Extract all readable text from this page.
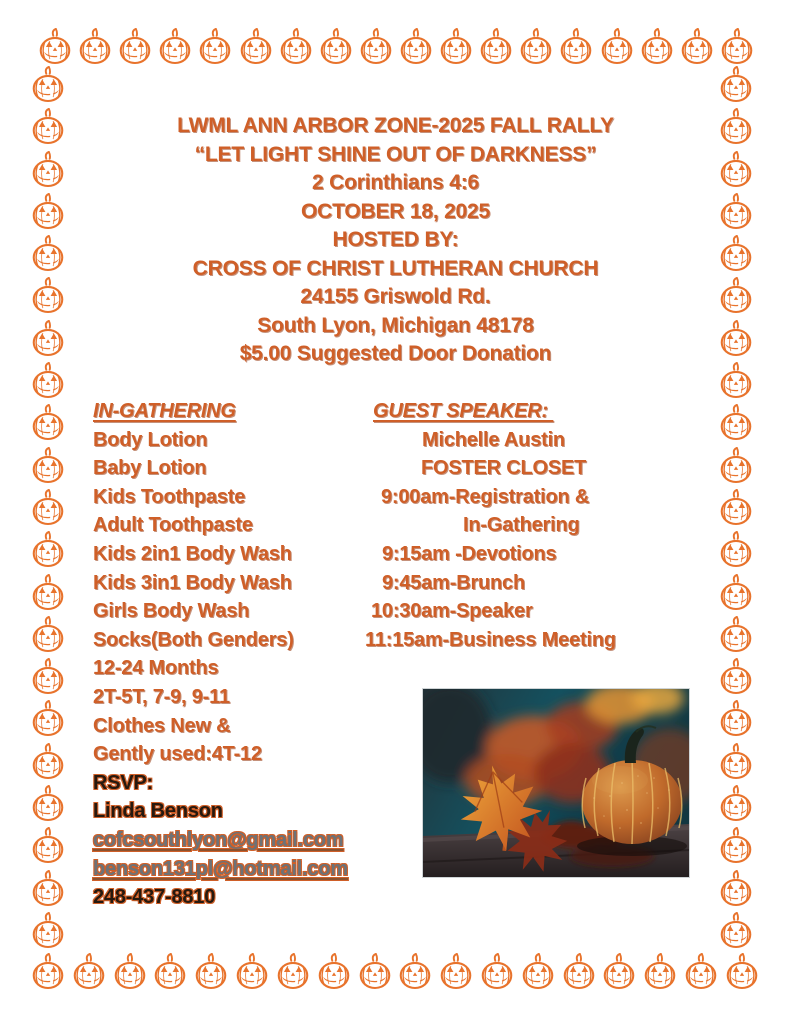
LWML ANN ARBOR ZONE-2025 FALL RALLY
“LET LIGHT SHINE OUT OF DARKNESS”
2 Corinthians 4:6
OCTOBER 18, 2025
HOSTED BY:
CROSS OF CHRIST LUTHERAN CHURCH
24155 Griswold Rd.
South Lyon, Michigan 48178
$5.00 Suggested Door Donation
IN-GATHERING
Body Lotion
Baby Lotion
Kids Toothpaste
Adult Toothpaste
Kids 2in1 Body Wash
Kids 3in1 Body Wash
Girls Body Wash
Socks(Both Genders)
12-24 Months
2T-5T, 7-9, 9-11
Clothes New &
Gently used:4T-12
RSVP:
Linda Benson
cofcsouthlyon@gmail.com
benson131pl@hotmail.com
248-437-8810
GUEST SPEAKER:
Michelle Austin
FOSTER CLOSET
9:00am-Registration &
In-Gathering
9:15am -Devotions
9:45am-Brunch
10:30am-Speaker
11:15am-Business Meeting
